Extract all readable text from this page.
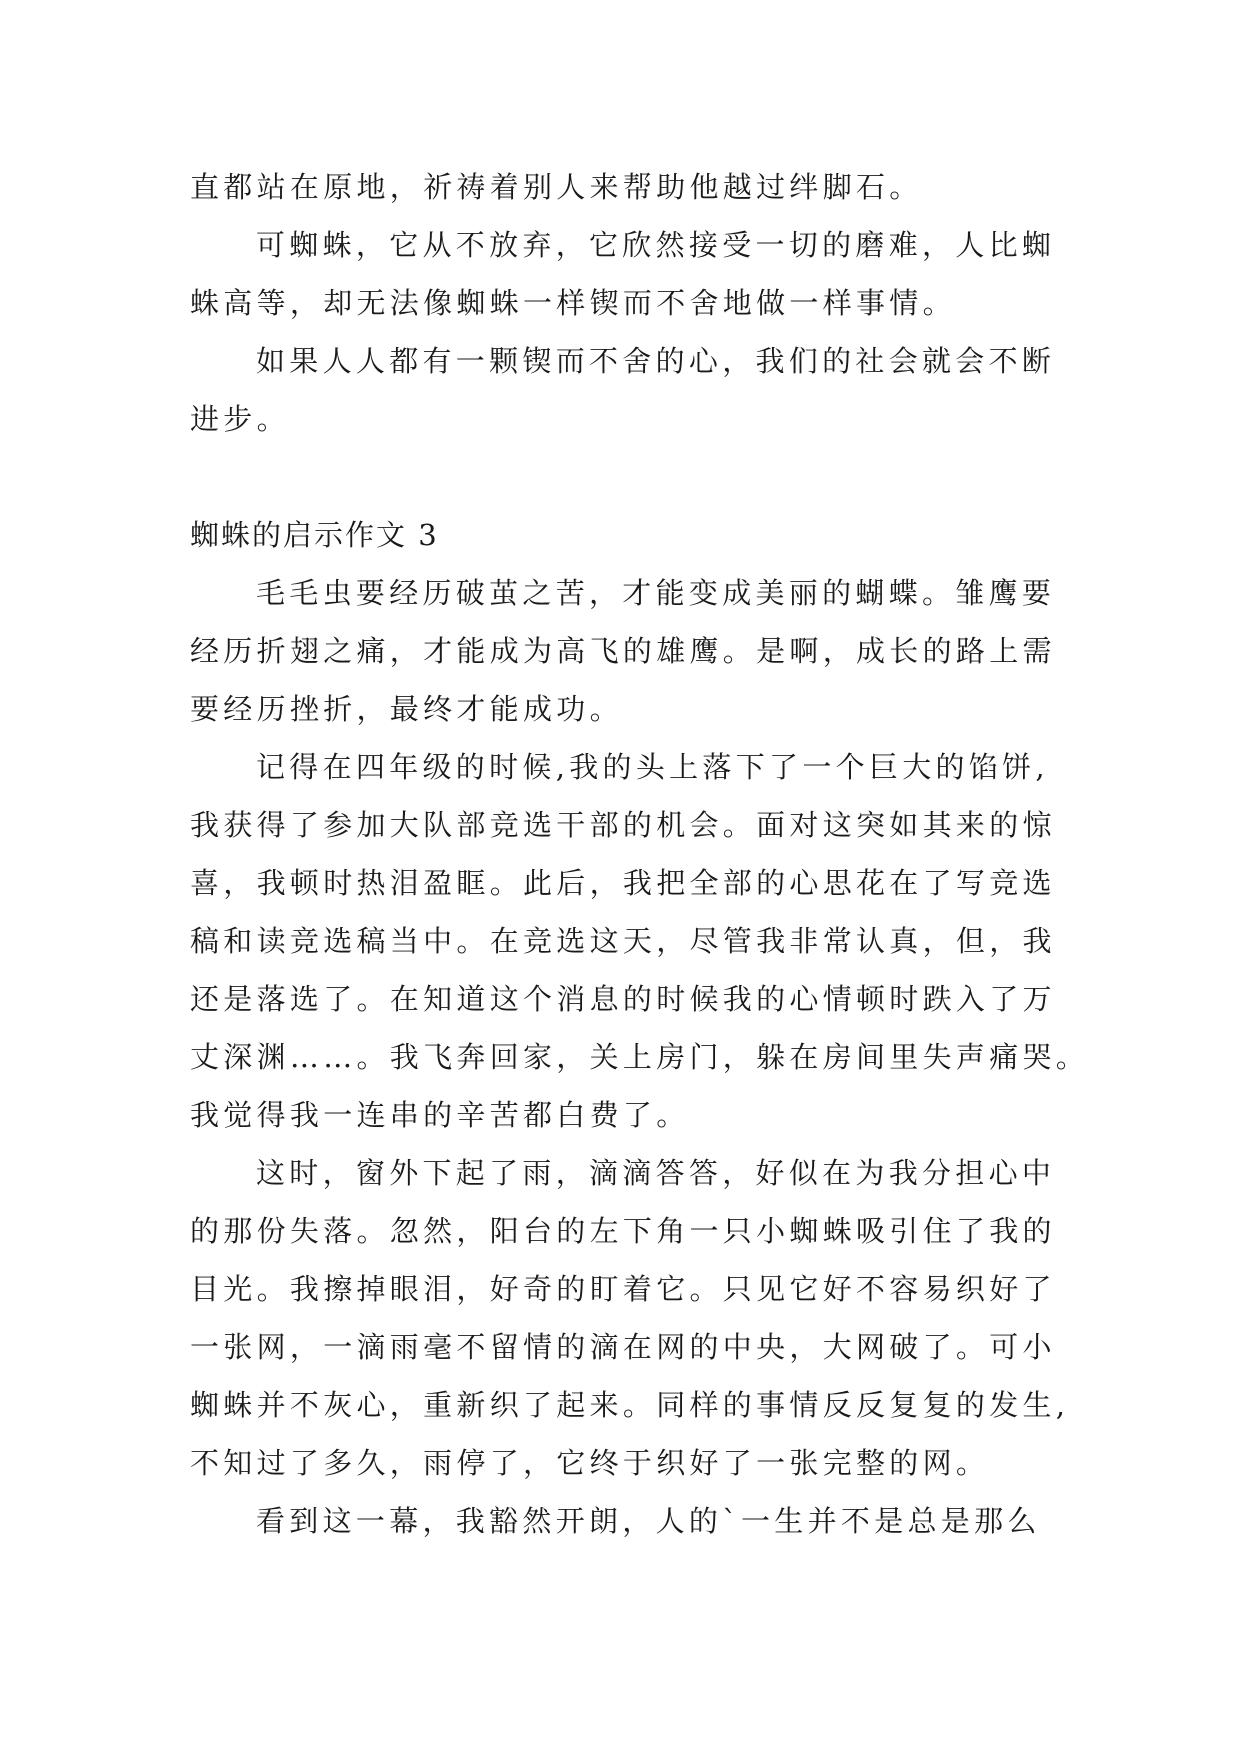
直都站在原地，祈祷着别人来帮助他越过绊脚石。
可蜘蛛，它从不放弃，它欣然接受一切的磨难，人比蜘
蛛高等，却无法像蜘蛛一样锲而不舍地做一样事情。
如果人人都有一颗锲而不舍的心，我们的社会就会不断
进步。
蜘蛛的启示作文 3
毛毛虫要经历破茧之苦，才能变成美丽的蝴蝶。雏鹰要
经历折翅之痛，才能成为高飞的雄鹰。是啊，成长的路上需
要经历挫折，最终才能成功。
记得在四年级的时候,我的头上落下了一个巨大的馅饼,
我获得了参加大队部竞选干部的机会。面对这突如其来的惊
喜，我顿时热泪盈眶。此后，我把全部的心思花在了写竞选
稿和读竞选稿当中。在竞选这天，尽管我非常认真，但，我
还是落选了。在知道这个消息的时候我的心情顿时跌入了万
丈深渊……。我飞奔回家，关上房门，躲在房间里失声痛哭。
我觉得我一连串的辛苦都白费了。
这时，窗外下起了雨，滴滴答答，好似在为我分担心中
的那份失落。忽然，阳台的左下角一只小蜘蛛吸引住了我的
目光。我擦掉眼泪，好奇的盯着它。只见它好不容易织好了
一张网，一滴雨毫不留情的滴在网的中央，大网破了。可小
蜘蛛并不灰心，重新织了起来。同样的事情反反复复的发生,
不知过了多久，雨停了，它终于织好了一张完整的网。
看到这一幕，我豁然开朗，人的`一生并不是总是那么
